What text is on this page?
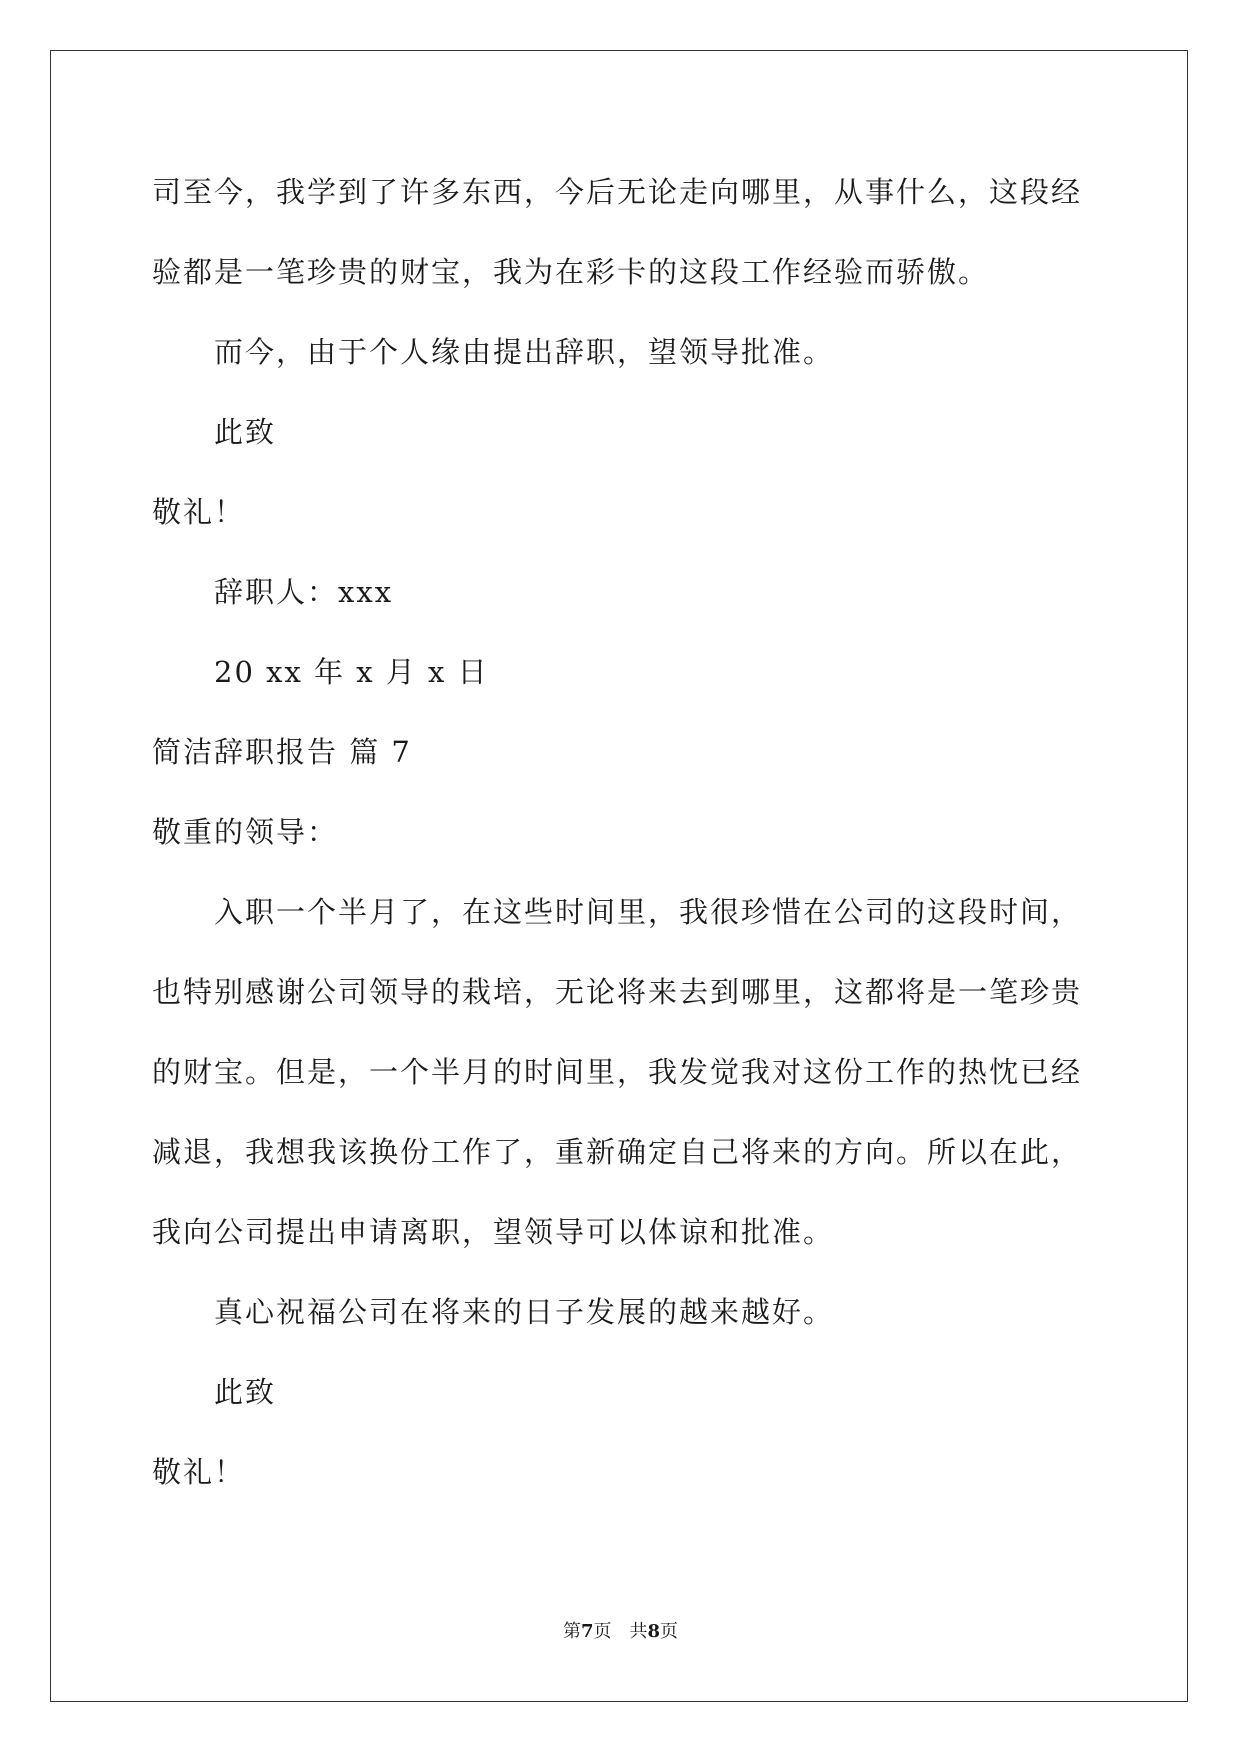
司至今，我学到了许多东西，今后无论走向哪里，从事什么，这段经
验都是一笔珍贵的财宝，我为在彩卡的这段工作经验而骄傲。
而今，由于个人缘由提出辞职，望领导批准。
此致
敬礼！
辞职人：xxx
20 xx 年 x 月 x 日
简洁辞职报告 篇 7
敬重的领导：
入职一个半月了，在这些时间里，我很珍惜在公司的这段时间，
也特别感谢公司领导的栽培，无论将来去到哪里，这都将是一笔珍贵
的财宝。但是，一个半月的时间里，我发觉我对这份工作的热忱已经
减退，我想我该换份工作了，重新确定自己将来的方向。所以在此，
我向公司提出申请离职，望领导可以体谅和批准。
真心祝福公司在将来的日子发展的越来越好。
此致
敬礼！
第7页 共8页
